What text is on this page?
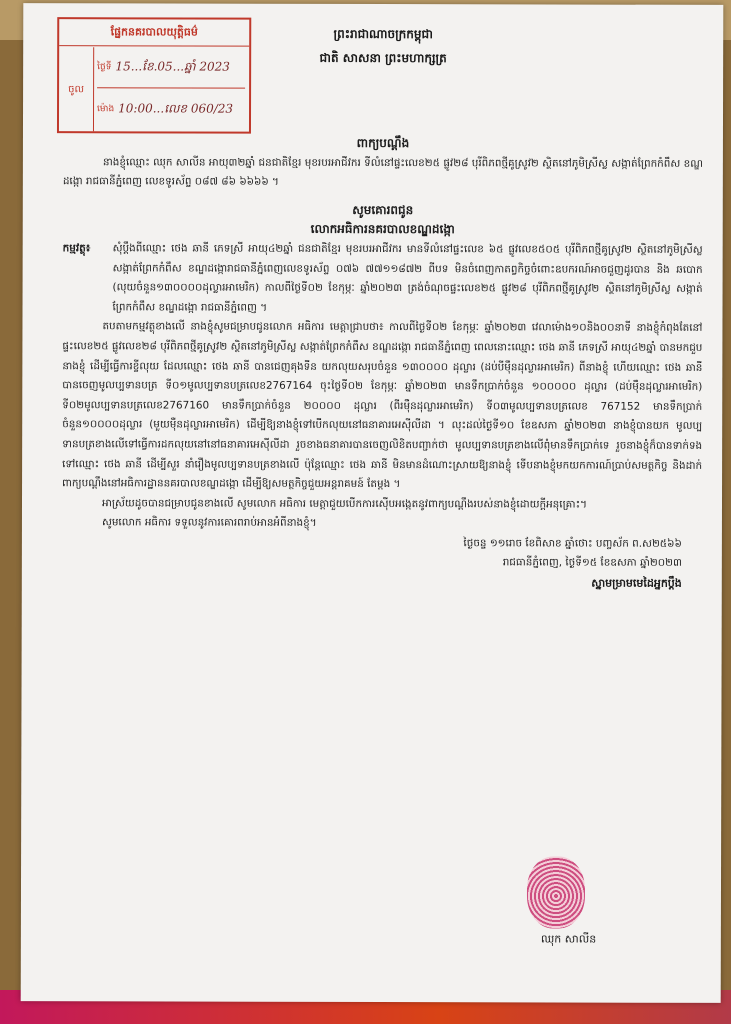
ផ្នែកនគរបាលយុត្តិធម៌
ចូល
ថ្ងៃទី 15...ខែ.05...ឆ្នាំ 2023
ម៉ោង 10:00...លេខ 060/23
ព្រះរាជាណាចក្រកម្ពុជា
ជាតិ សាសនា ព្រះមហាក្សត្រ
ពាក្យបណ្តឹង
នាងខ្ញុំឈ្មោះ ឈុក សាលីន អាយុ៣២ឆ្នាំ ជនជាតិខ្មែរ មុខរបរអាជីវករ ទីលំនៅផ្ទះលេខ២៥ ផ្លូវ២៨ បុរីពិភពថ្មីគូស្រូវ២ ស្ថិតនៅភូមិស្រីស្ល សង្កាត់ព្រែកកំពឹស ខណ្ឌដង្កោ រាជធានីភ្នំពេញ លេខទូរស័ព្ទ ០៨៧ ៨៦ ៦៦៦៦ ។
សូមគោរពជូន
លោកអធិការនគរបាលខណ្ឌដង្កោ
កម្មវត្ថុ៖	សុំប្តឹងពីឈ្មោះ ថេង ឆានី ភេទស្រី អាយុ៤២ឆ្នាំ ជនជាតិខ្មែរ មុខរបរអាជីវករ មានទីលំនៅផ្ទះលេខ ៦៥ ផ្លូវលេខ៥០៥ បុរីពិភពថ្មីគូស្រូវ២ ស្ថិតនៅភូមិស្រីស្ល សង្កាត់ព្រែកកំពឹស ខណ្ឌដង្កោរាជធានីភ្នំពេញលេខទូរស័ព្ទ ០៧៦ ៧៧១១៨៧២ ពីបទ មិនចំពេញកាតព្វកិច្ចចំពោះឧបករណ៍អាចជួញដូរបាន និង ឆបោក (លុយចំនួន១៣០០០០ដុល្លារអាមេរិក) កាលពីថ្ងៃទី០២ ខែកុម្ភៈ ឆ្នាំ២០២៣ ត្រង់ចំណុចផ្ទះលេខ២៥ ផ្លូវ២៨ បុរីពិភពថ្មីគូស្រូវ២ ស្ថិតនៅភូមិស្រីស្ល សង្កាត់ព្រែកកំពឹស ខណ្ឌដង្កោ រាជធានីភ្នំពេញ ។
តបតាមកម្មវត្ថុខាងលើ នាងខ្ញុំសូមជម្រាបជូនលោក អធិការ មេត្តាជ្រាបថា៖ កាលពីថ្ងៃទី០២ ខែកុម្ភៈ ឆ្នាំ២០២៣ វេលាម៉ោង១០និង០០នាទី នាងខ្ញុំកំពុងតែនៅផ្ទះលេខ២៥ ផ្លូវលេខ២៨ បុរីពិភពថ្មីគូស្រូវ២ ស្ថិតនៅភូមិស្រីស្ល សង្កាត់ព្រែកកំពឹស ខណ្ឌដង្កោ រាជធានីភ្នំពេញ ពេលនោះឈ្មោះ ថេង ឆានី ភេទស្រី អាយុ៤២ឆ្នាំ បានមកជួបនាងខ្ញុំ ដើម្បីធ្វើការខ្ចីលុយ ដែលឈ្មោះ ថេង ឆានី បានជេញគុងទីន យកលុយសរុបចំនួន ១៣០០០០ ដុល្លារ (ដប់បីម៉ឺនដុល្លារអាមេរិក) ពីនាងខ្ញុំ ហើយឈ្មោះ ថេង ឆានី បានចេញមូលប្បទានបត្រ ទី០១មូលប្បទានបត្រលេខ2767164 ចុះថ្ងៃទី០២ ខែកុម្ភៈ ឆ្នាំ២០២៣ មានទឹកប្រាក់ចំនួន ១០០០០០ ដុល្លារ (ដប់ម៉ឺនដុល្លារអាមេរិក) ទី០២មូលប្បទានបត្រលេខ2767160 មានទឹកប្រាក់ចំនួន ២០០០០ ដុល្លារ (ពីរម៉ឺនដុល្លារអាមេរិក) ទី០៣មូលប្បទានបត្រលេខ 767152 មានទឹកប្រាក់ចំនួន១០០០០ដុល្លារ (មួយម៉ឺនដុល្លារអាមេរិក) ដើម្បីឱ្យនាងខ្ញុំទៅបើកលុយនៅធនាគារអេស៊ីលីដា ។ លុះដល់ថ្ងៃទី១០ ខែឧសភា ឆ្នាំ២០២៣ នាងខ្ញុំបានយក មូលប្បទានបត្រខាងលើទៅធ្វើការដកលុយនៅនៅធនាគារអេស៊ីលីដា រួចខាងធនាគារបានចេញលិខិតបញ្ជាក់ថា មូលប្បទានបត្រខាងលើពុំមានទឹកប្រាក់ទេ រួចនាងខ្ញុំក៏បានទាក់ទងទៅឈ្មោះ ថេង ឆានី ដើម្បីសួរ នាំរឿងមូលប្បទានបត្រខាងលើ ប៉ុន្តែឈ្មោះ ថេង ឆានី មិនមានដំណោះស្រាយឱ្យនាងខ្ញុំ ទើបនាងខ្ញុំមកយកការណ៍ប្រាប់សមត្ថកិច្ច និងដាក់ពាក្យបណ្តឹងនៅអធិការដ្ឋាននគរបាលខណ្ឌដង្កោ ដើម្បីឱ្យសមត្ថកិច្ចជួយអន្តរាគមន៍ តែម្តង ។
អាស្រ័យដូចបានជម្រាបជូនខាងលើ សូមលោក អធិការ មេត្តាជួយបើកការស៊ើបអង្កេតនូវពាក្យបណ្តឹងរបស់នាងខ្ញុំដោយក្តីអនុគ្រោះ។
សូមលោក អធិការ ទទួលនូវការគោរពរាប់អានអំពីនាងខ្ញុំ។
ថ្ងៃចន្ទ ១១រោច ខែពិសាខ ឆ្នាំថោះ បញ្ចស័ក ព.ស២៥៦៦
រាជធានីភ្នំពេញ, ថ្ងៃទី១៥ ខែឧសភា ឆ្នាំ២០២៣
ស្នាមម្រាមមេដៃអ្នកប្តឹង
ឈុក សាលីន
